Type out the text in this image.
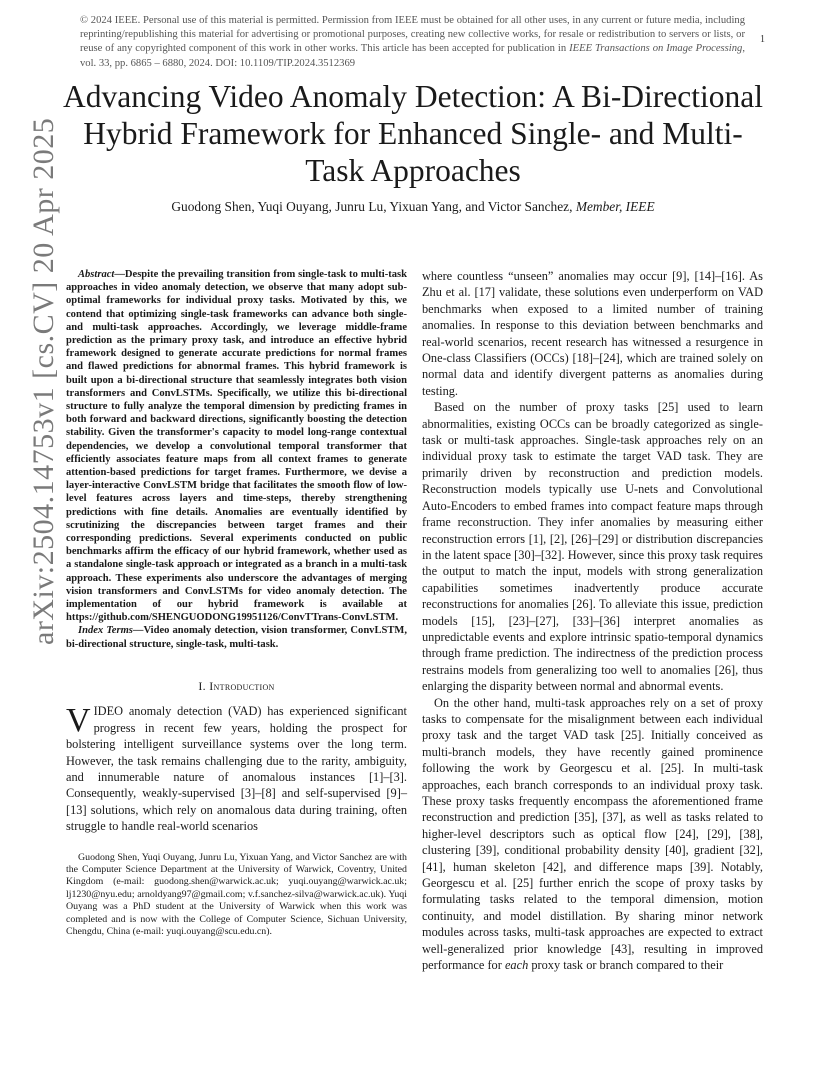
© 2024 IEEE. Personal use of this material is permitted. Permission from IEEE must be obtained for all other uses, in any current or future media, including reprinting/republishing this material for advertising or promotional purposes, creating new collective works, for resale or redistribution to servers or lists, or reuse of any copyrighted component of this work in other works. This article has been accepted for publication in IEEE Transactions on Image Processing, vol. 33, pp. 6865 – 6880, 2024. DOI: 10.1109/TIP.2024.3512369
1
arXiv:2504.14753v1 [cs.CV] 20 Apr 2025
Advancing Video Anomaly Detection: A Bi-Directional Hybrid Framework for Enhanced Single- and Multi-Task Approaches
Guodong Shen, Yuqi Ouyang, Junru Lu, Yixuan Yang, and Victor Sanchez, Member, IEEE

Abstract—Despite the prevailing transition from single-task to multi-task approaches in video anomaly detection, we observe that many adopt sub-optimal frameworks for individual proxy tasks. Motivated by this, we contend that optimizing single-task frameworks can advance both single- and multi-task approaches. Accordingly, we leverage middle-frame prediction as the primary proxy task, and introduce an effective hybrid framework designed to generate accurate predictions for normal frames and flawed predictions for abnormal frames. This hybrid framework is built upon a bi-directional structure that seamlessly integrates both vision transformers and ConvLSTMs. Specifically, we utilize this bi-directional structure to fully analyze the temporal dimension by predicting frames in both forward and backward directions, significantly boosting the detection stability. Given the transformer's capacity to model long-range contextual dependencies, we develop a convolutional temporal transformer that efficiently associates feature maps from all context frames to generate attention-based predictions for target frames. Furthermore, we devise a layer-interactive ConvLSTM bridge that facilitates the smooth flow of low-level features across layers and time-steps, thereby strengthening predictions with fine details. Anomalies are eventually identified by scrutinizing the discrepancies between target frames and their corresponding predictions. Several experiments conducted on public benchmarks affirm the efficacy of our hybrid framework, whether used as a standalone single-task approach or integrated as a branch in a multi-task approach. These experiments also underscore the advantages of merging vision transformers and ConvLSTMs for video anomaly detection. The implementation of our hybrid framework is available at https://github.com/SHENGUODONG19951126/ConvTTrans-ConvLSTM.

Index Terms—Video anomaly detection, vision transformer, ConvLSTM, bi-directional structure, single-task, multi-task.

I. Introduction

VIDEO anomaly detection (VAD) has experienced significant progress in recent few years, holding the prospect for bolstering intelligent surveillance systems over the long term. However, the task remains challenging due to the rarity, ambiguity, and innumerable nature of anomalous instances [1]–[3]. Consequently, weakly-supervised [3]–[8] and self-supervised [9]–[13] solutions, which rely on anomalous data during training, often struggle to handle real-world scenarios

Guodong Shen, Yuqi Ouyang, Junru Lu, Yixuan Yang, and Victor Sanchez are with the Computer Science Department at the University of Warwick, Coventry, United Kingdom (e-mail: guodong.shen@warwick.ac.uk; yuqi.ouyang@warwick.ac.uk; lj1230@nyu.edu; arnoldyang97@gmail.com; v.f.sanchez-silva@warwick.ac.uk). Yuqi Ouyang was a PhD student at the University of Warwick when this work was completed and is now with the College of Computer Science, Sichuan University, Chengdu, China (e-mail: yuqi.ouyang@scu.edu.cn).

where countless “unseen” anomalies may occur [9], [14]–[16]. As Zhu et al. [17] validate, these solutions even underperform on VAD benchmarks when exposed to a limited number of training anomalies. In response to this deviation between benchmarks and real-world scenarios, recent research has witnessed a resurgence in One-class Classifiers (OCCs) [18]–[24], which are trained solely on normal data and identify divergent patterns as anomalies during testing.

Based on the number of proxy tasks [25] used to learn abnormalities, existing OCCs can be broadly categorized as single-task or multi-task approaches. Single-task approaches rely on an individual proxy task to estimate the target VAD task. They are primarily driven by reconstruction and prediction models. Reconstruction models typically use U-nets and Convolutional Auto-Encoders to embed frames into compact feature maps through frame reconstruction. They infer anomalies by measuring either reconstruction errors [1], [2], [26]–[29] or distribution discrepancies in the latent space [30]–[32]. However, since this proxy task requires the output to match the input, models with strong generalization capabilities sometimes inadvertently produce accurate reconstructions for anomalies [26]. To alleviate this issue, prediction models [15], [23]–[27], [33]–[36] interpret anomalies as unpredictable events and explore intrinsic spatio-temporal dynamics through frame prediction. The indirectness of the prediction process restrains models from generalizing too well to anomalies [26], thus enlarging the disparity between normal and abnormal events.

On the other hand, multi-task approaches rely on a set of proxy tasks to compensate for the misalignment between each individual proxy task and the target VAD task [25]. Initially conceived as multi-branch models, they have recently gained prominence following the work by Georgescu et al. [25]. In multi-task approaches, each branch corresponds to an individual proxy task. These proxy tasks frequently encompass the aforementioned frame reconstruction and prediction [35], [37], as well as tasks related to higher-level descriptors such as optical flow [24], [29], [38], clustering [39], conditional probability density [40], gradient [32], [41], human skeleton [42], and difference maps [39]. Notably, Georgescu et al. [25] further enrich the scope of proxy tasks by formulating tasks related to the temporal dimension, motion continuity, and model distillation. By sharing minor network modules across tasks, multi-task approaches are expected to extract well-generalized prior knowledge [43], resulting in improved performance for each proxy task or branch compared to their
